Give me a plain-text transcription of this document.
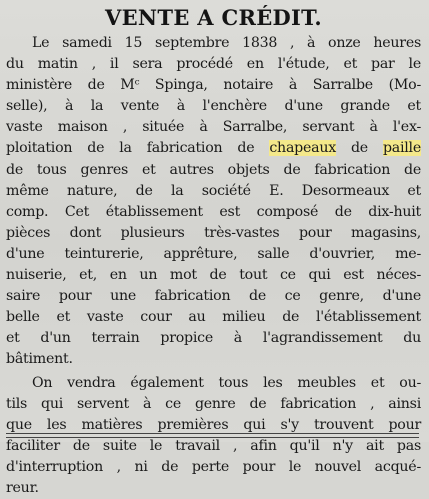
VENTE A CRÉDIT.
Le samedi 15 septembre 1838 , à onze heures
du matin , il sera procédé en l'étude, et par le
ministère de Mᶜ Spinga, notaire à Sarralbe (Mo-
selle), à la vente à l'enchère d'une grande et
vaste maison , située à Sarralbe, servant à l'ex-
ploitation de la fabrication de chapeaux de paille
de tous genres et autres objets de fabrication de
même nature, de la société E. Desormeaux et
comp. Cet établissement est composé de dix-huit
pièces dont plusieurs très-vastes pour magasins,
d'une teinturerie, apprêture, salle d'ouvrier, me-
nuiserie, et, en un mot de tout ce qui est néces-
saire pour une fabrication de ce genre, d'une
belle et vaste cour au milieu de l'établissement
et d'un terrain propice à l'agrandissement du
bâtiment.
On vendra également tous les meubles et ou-
tils qui servent à ce genre de fabrication , ainsi
que les matières premières qui s'y trouvent pour
faciliter de suite le travail , afin qu'il n'y ait pas
d'interruption , ni de perte pour le nouvel acqué-
reur.
